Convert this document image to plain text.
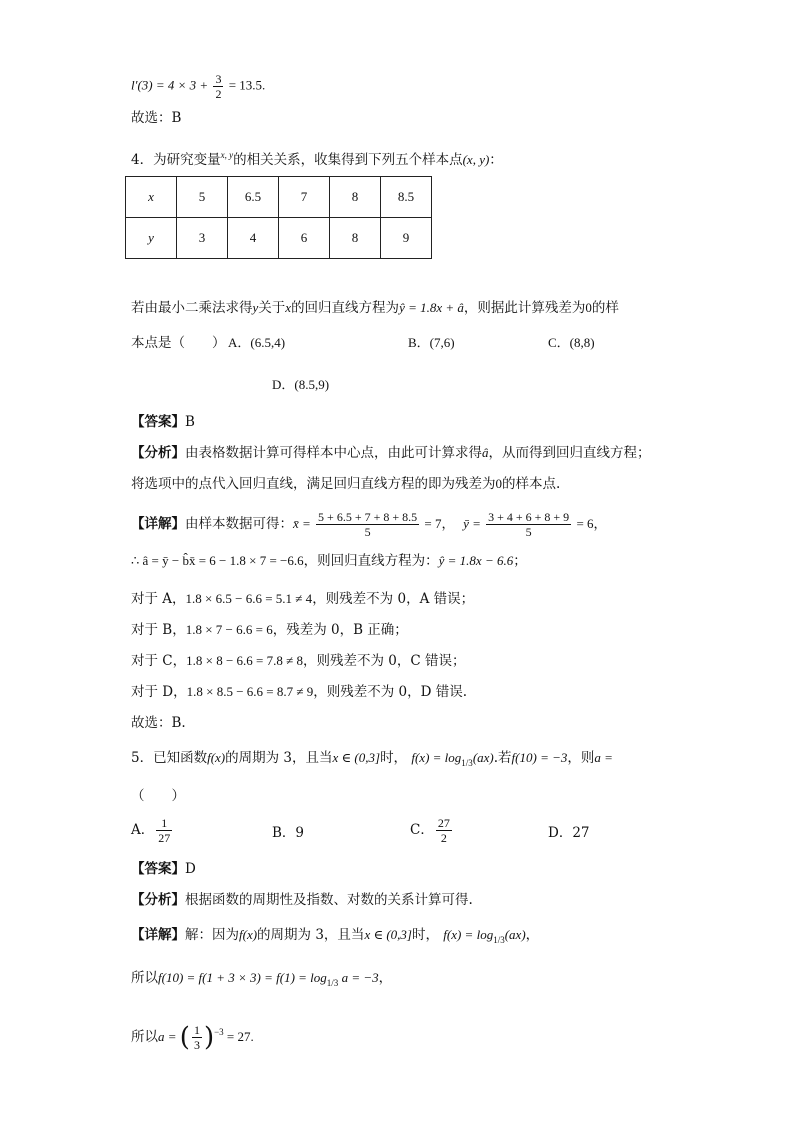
$l'(3) = 4 \times 3 + \frac{3}{2} = 13.5$.
故选：B
4．为研究变量$^{x, y}$的相关关系，收集得到下列五个样本点(x, y)：
x	5	6.5	7	8	8.5
y	3	4	6	8	9
若由最小二乘法求得y关于x的回归直线方程为ŷ = 1.8x + â，则据此计算残差为0的样
本点是（　　） A．(6.5,4)	B．(7,6)	C．(8,8)
D．(8.5,9)
【答案】B
【分析】由表格数据计算可得样本中心点，由此可计算求得â，从而得到回归直线方程；
将选项中的点代入回归直线，满足回归直线方程的即为残差为0的样本点.
【详解】由样本数据可得：x̄ = $\frac{5 + 6.5 + 7 + 8 + 8.5}{5} = 7$， ȳ = $\frac{3 + 4 + 6 + 8 + 9}{5} = 6$，
∴ â = ȳ − b̂x̄ = 6 − 1.8 × 7 = −6.6，则回归直线方程为：ŷ = 1.8x − 6.6；
对于 A，1.8 × 6.5 − 6.6 = 5.1 ≠ 4，则残差不为 0，A 错误；
对于 B，1.8 × 7 − 6.6 = 6，残差为 0，B 正确；
对于 C，1.8 × 8 − 6.6 = 7.8 ≠ 8，则残差不为 0，C 错误；
对于 D，1.8 × 8.5 − 6.6 = 8.7 ≠ 9，则残差不为 0，D 错误.
故选：B.
5．已知函数f(x)的周期为 3，且当x ∈ (0,3]时， $f(x) = \log_{1/3}(ax)$.若f(10) = −3，则a =
（　　）
A． $\frac{1}{27}$	B．9	C． $\frac{27}{2}$	D．27
【答案】D
【分析】根据函数的周期性及指数、对数的关系计算可得.
【详解】解：因为f(x)的周期为 3，且当x ∈ (0,3]时， $f(x) = \log_{1/3}(ax)$，
所以$f(10) = f(1 + 3 \times 3) = f(1) = \log_{1/3} a = -3$，
所以a = ( $\frac{1}{3} )^{-3} = 27$.
